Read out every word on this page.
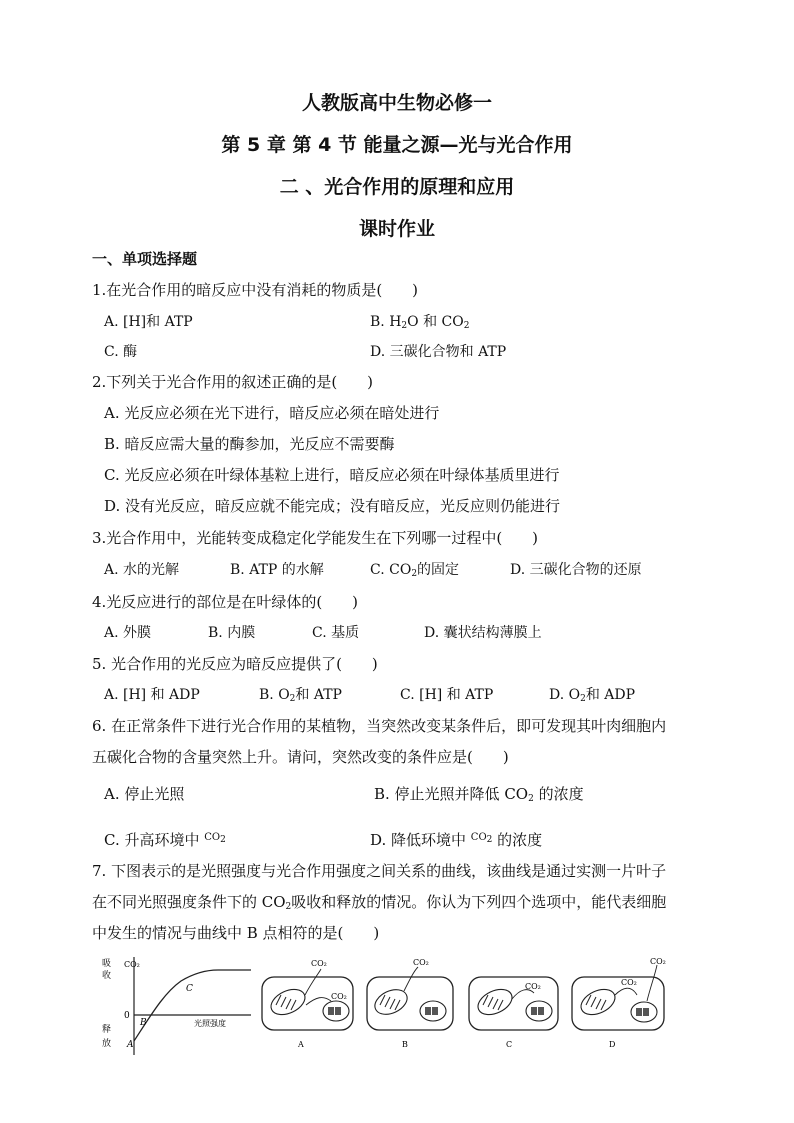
人教版高中生物必修一
第 5 章 第 4 节 能量之源—光与光合作用
二 、光合作用的原理和应用
课时作业
一、单项选择题
1.在光合作用的暗反应中没有消耗的物质是(　　)
A. [H]和 ATP	B. $H_2O$ 和 $CO_2$
C. 酶	D. 三碳化合物和 ATP
2.下列关于光合作用的叙述正确的是(　　)
A. 光反应必须在光下进行，暗反应必须在暗处进行
B. 暗反应需大量的酶参加，光反应不需要酶
C. 光反应必须在叶绿体基粒上进行，暗反应必须在叶绿体基质里进行
D. 没有光反应，暗反应就不能完成；没有暗反应，光反应则仍能进行
3.光合作用中，光能转变成稳定化学能发生在下列哪一过程中(　　)
A. 水的光解	B. ATP 的水解	C. $CO_2$的固定	D. 三碳化合物的还原
4.光反应进行的部位是在叶绿体的(　　)
A. 外膜	B. 内膜	C. 基质	D. 囊状结构薄膜上
5. 光合作用的光反应为暗反应提供了(　　)
A. [H] 和 ADP	B. $O_2$和 ATP	C. [H] 和 ATP	D. $O_2$和 ADP
6. 在正常条件下进行光合作用的某植物，当突然改变某条件后，即可发现其叶肉细胞内
五碳化合物的含量突然上升。请问，突然改变的条件应是(　　)
A. 停止光照	B. 停止光照并降低 $CO_2$ 的浓度
C. 升高环境中 $^{CO_2}$	D. 降低环境中 $^{CO_2}$ 的浓度
7. 下图表示的是光照强度与光合作用强度之间关系的曲线，该曲线是通过实测一片叶子
在不同光照强度条件下的 $CO_2$吸收和释放的情况。你认为下列四个选项中，能代表细胞
中发生的情况与曲线中 B 点相符的是(　　)
吸
收
CO₂
0
释
放 A
B
C
光照强度
CO₂
CO₂
A
CO₂
B
CO₂
C
CO₂
CO₂
D
